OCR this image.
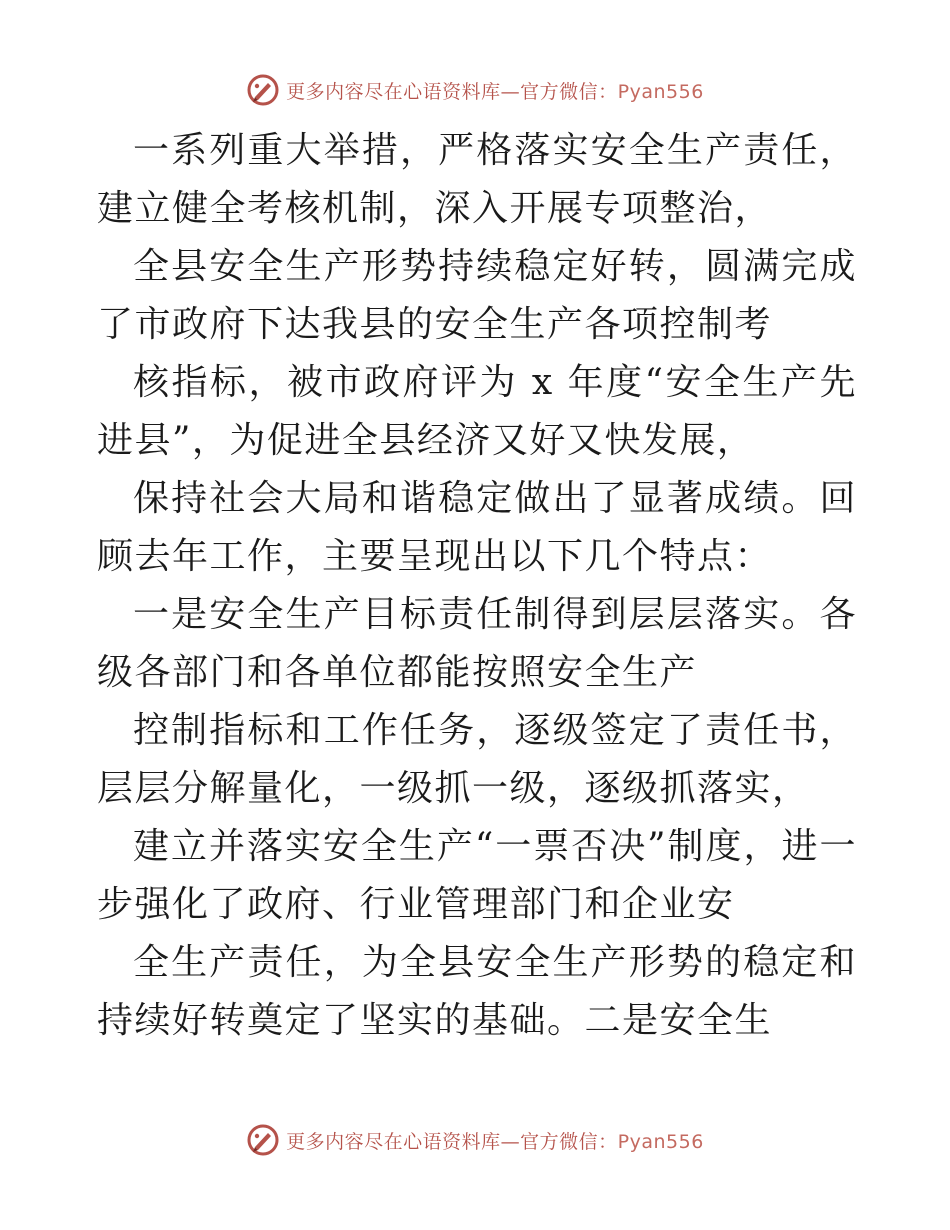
更多内容尽在心语资料库—官方微信：Pyan556

一系列重大举措，严格落实安全生产责任，建立健全考核机制，深入开展专项整治，

全县安全生产形势持续稳定好转，圆满完成了市政府下达我县的安全生产各项控制考

核指标，被市政府评为 x 年度“安全生产先进县”，为促进全县经济又好又快发展，

保持社会大局和谐稳定做出了显著成绩。回顾去年工作，主要呈现出以下几个特点：

一是安全生产目标责任制得到层层落实。各级各部门和各单位都能按照安全生产

控制指标和工作任务，逐级签定了责任书，层层分解量化，一级抓一级，逐级抓落实，

建立并落实安全生产“一票否决”制度，进一步强化了政府、行业管理部门和企业安

全生产责任，为全县安全生产形势的稳定和持续好转奠定了坚实的基础。二是安全生

更多内容尽在心语资料库—官方微信：Pyan556
